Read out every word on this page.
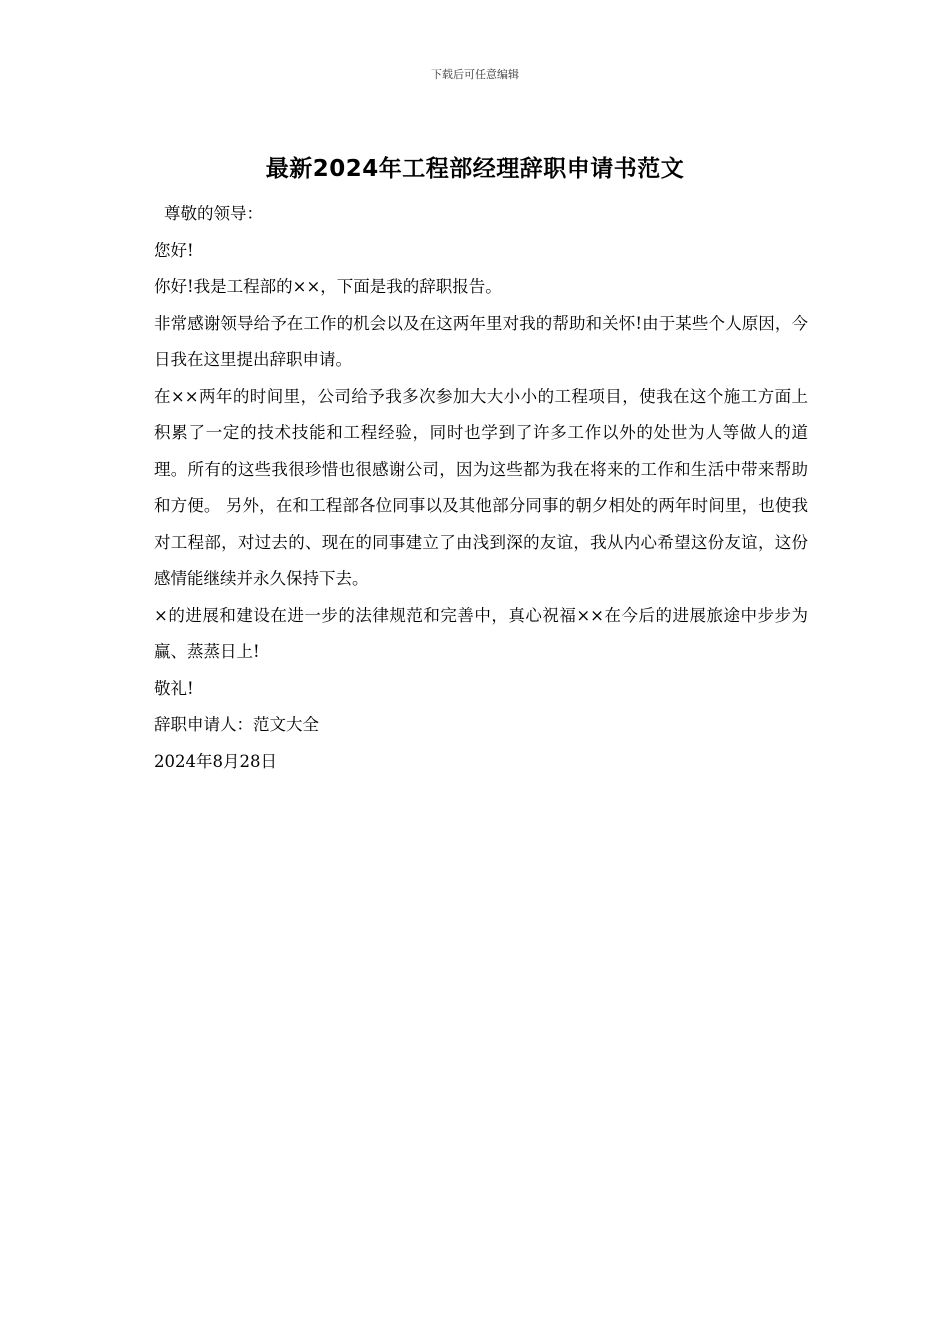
下载后可任意编辑
最新2024年工程部经理辞职申请书范文

尊敬的领导：

您好!

你好!我是工程部的××，下面是我的辞职报告。

非常感谢领导给予在工作的机会以及在这两年里对我的帮助和关怀!由于某些个人原因，今日我在这里提出辞职申请。

在××两年的时间里，公司给予我多次参加大大小小的工程项目，使我在这个施工方面上积累了一定的技术技能和工程经验，同时也学到了许多工作以外的处世为人等做人的道理。所有的这些我很珍惜也很感谢公司，因为这些都为我在将来的工作和生活中带来帮助和方便。 另外，在和工程部各位同事以及其他部分同事的朝夕相处的两年时间里，也使我对工程部，对过去的、现在的同事建立了由浅到深的友谊，我从内心希望这份友谊，这份感情能继续并永久保持下去。

×的进展和建设在进一步的法律规范和完善中，真心祝福××在今后的进展旅途中步步为赢、蒸蒸日上!

敬礼!

辞职申请人：范文大全

2024年8月28日
